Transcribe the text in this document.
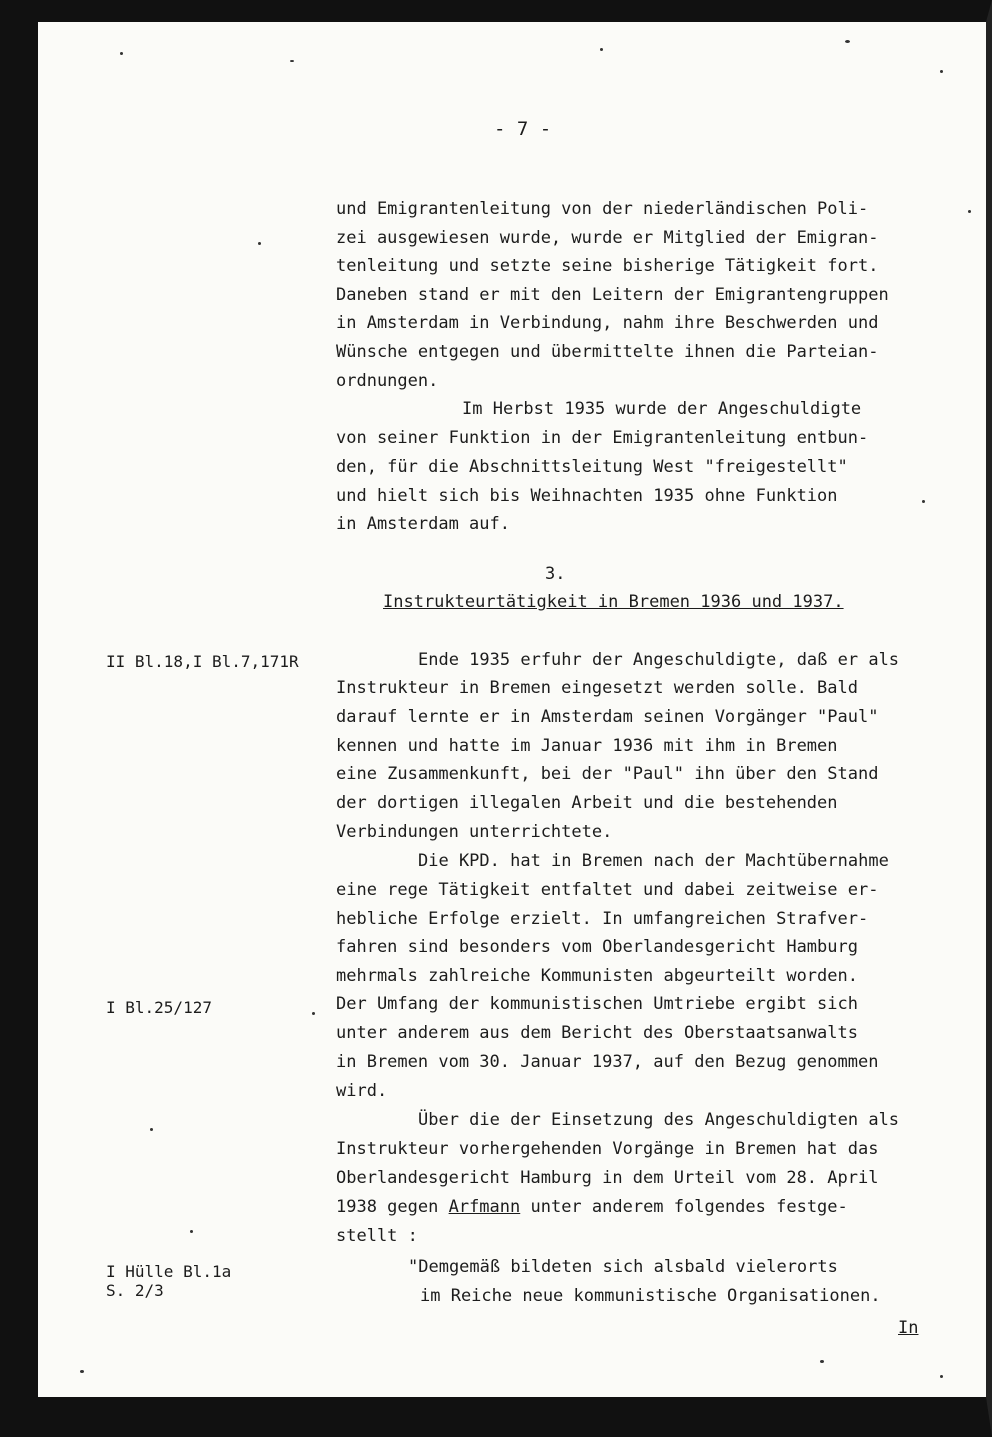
- 7 -
und Emigrantenleitung von der niederländischen Poli-
zei ausgewiesen wurde, wurde er Mitglied der Emigran-
tenleitung und setzte seine bisherige Tätigkeit fort.
Daneben stand er mit den Leitern der Emigrantengruppen
in Amsterdam in Verbindung, nahm ihre Beschwerden und
Wünsche entgegen und übermittelte ihnen die Parteian-
ordnungen.
Im Herbst 1935 wurde der Angeschuldigte
von seiner Funktion in der Emigrantenleitung entbun-
den, für die Abschnittsleitung West "freigestellt"
und hielt sich bis Weihnachten 1935 ohne Funktion
in Amsterdam auf.
3.
Instrukteurtätigkeit in Bremen 1936 und 1937.
II Bl.18,I Bl.7,171R	Ende 1935 erfuhr der Angeschuldigte, daß er als
Instrukteur in Bremen eingesetzt werden solle. Bald
darauf lernte er in Amsterdam seinen Vorgänger "Paul"
kennen und hatte im Januar 1936 mit ihm in Bremen
eine Zusammenkunft, bei der "Paul" ihn über den Stand
der dortigen illegalen Arbeit und die bestehenden
Verbindungen unterrichtete.
Die KPD. hat in Bremen nach der Machtübernahme
eine rege Tätigkeit entfaltet und dabei zeitweise er-
hebliche Erfolge erzielt. In umfangreichen Strafver-
fahren sind besonders vom Oberlandesgericht Hamburg
mehrmals zahlreiche Kommunisten abgeurteilt worden.
I Bl.25/127	Der Umfang der kommunistischen Umtriebe ergibt sich
unter anderem aus dem Bericht des Oberstaatsanwalts
in Bremen vom 30. Januar 1937, auf den Bezug genommen
wird.
Über die der Einsetzung des Angeschuldigten als
Instrukteur vorhergehenden Vorgänge in Bremen hat das
Oberlandesgericht Hamburg in dem Urteil vom 28. April
1938 gegen Arfmann unter anderem folgendes festge-
stellt :
I Hülle Bl.1a
S. 2/3
"Demgemäß bildeten sich alsbald vielerorts
im Reiche neue kommunistische Organisationen.
In
